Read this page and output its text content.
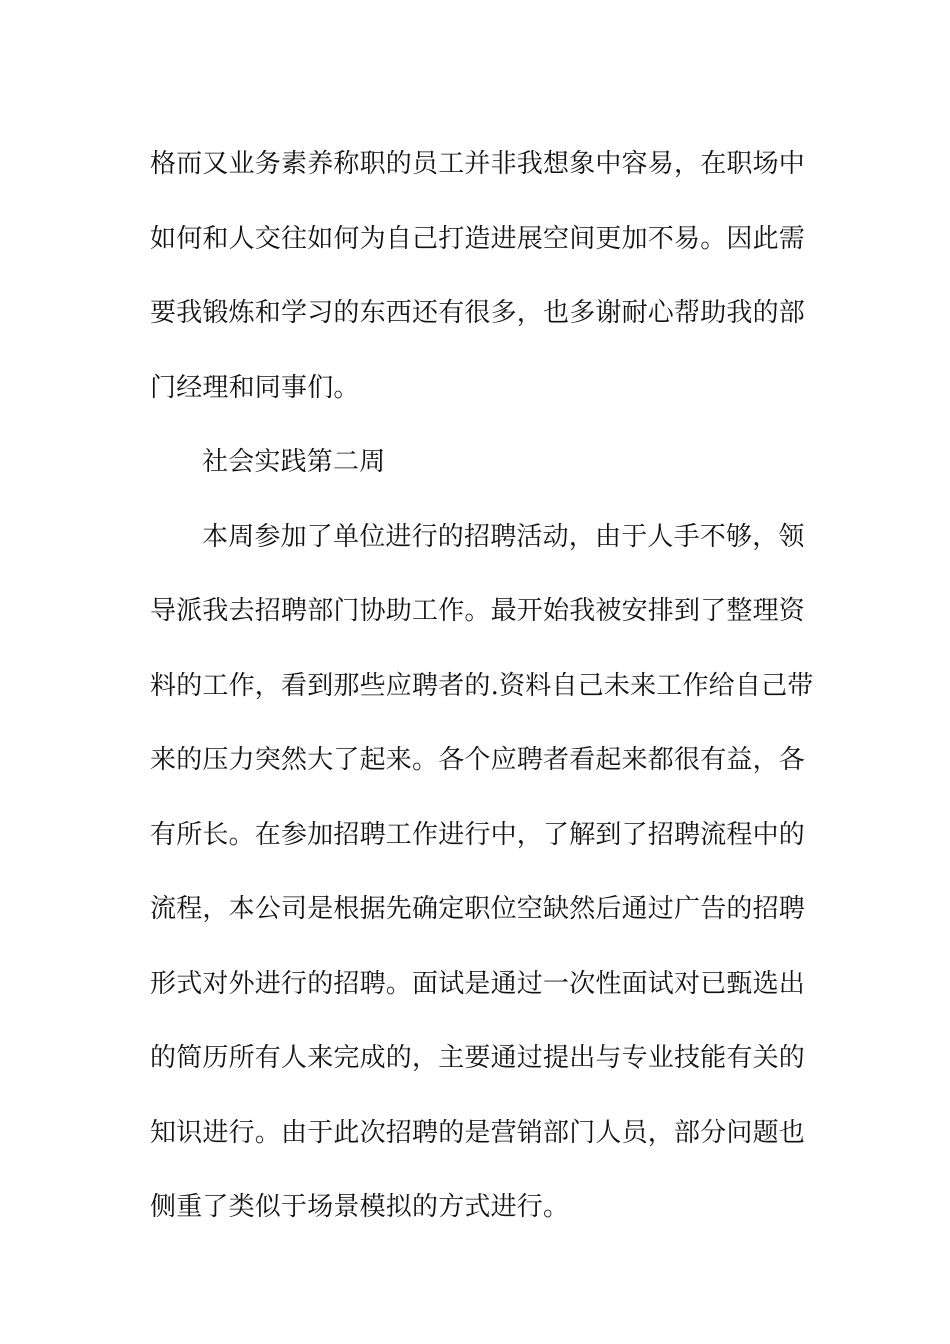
格而又业务素养称职的员工并非我想象中容易，在职场中
如何和人交往如何为自己打造进展空间更加不易。因此需
要我锻炼和学习的东西还有很多，也多谢耐心帮助我的部
门经理和同事们。
社会实践第二周
本周参加了单位进行的招聘活动，由于人手不够，领
导派我去招聘部门协助工作。最开始我被安排到了整理资
料的工作，看到那些应聘者的.资料自己未来工作给自己带
来的压力突然大了起来。各个应聘者看起来都很有益，各
有所长。在参加招聘工作进行中，了解到了招聘流程中的
流程，本公司是根据先确定职位空缺然后通过广告的招聘
形式对外进行的招聘。面试是通过一次性面试对已甄选出
的简历所有人来完成的，主要通过提出与专业技能有关的
知识进行。由于此次招聘的是营销部门人员，部分问题也
侧重了类似于场景模拟的方式进行。
